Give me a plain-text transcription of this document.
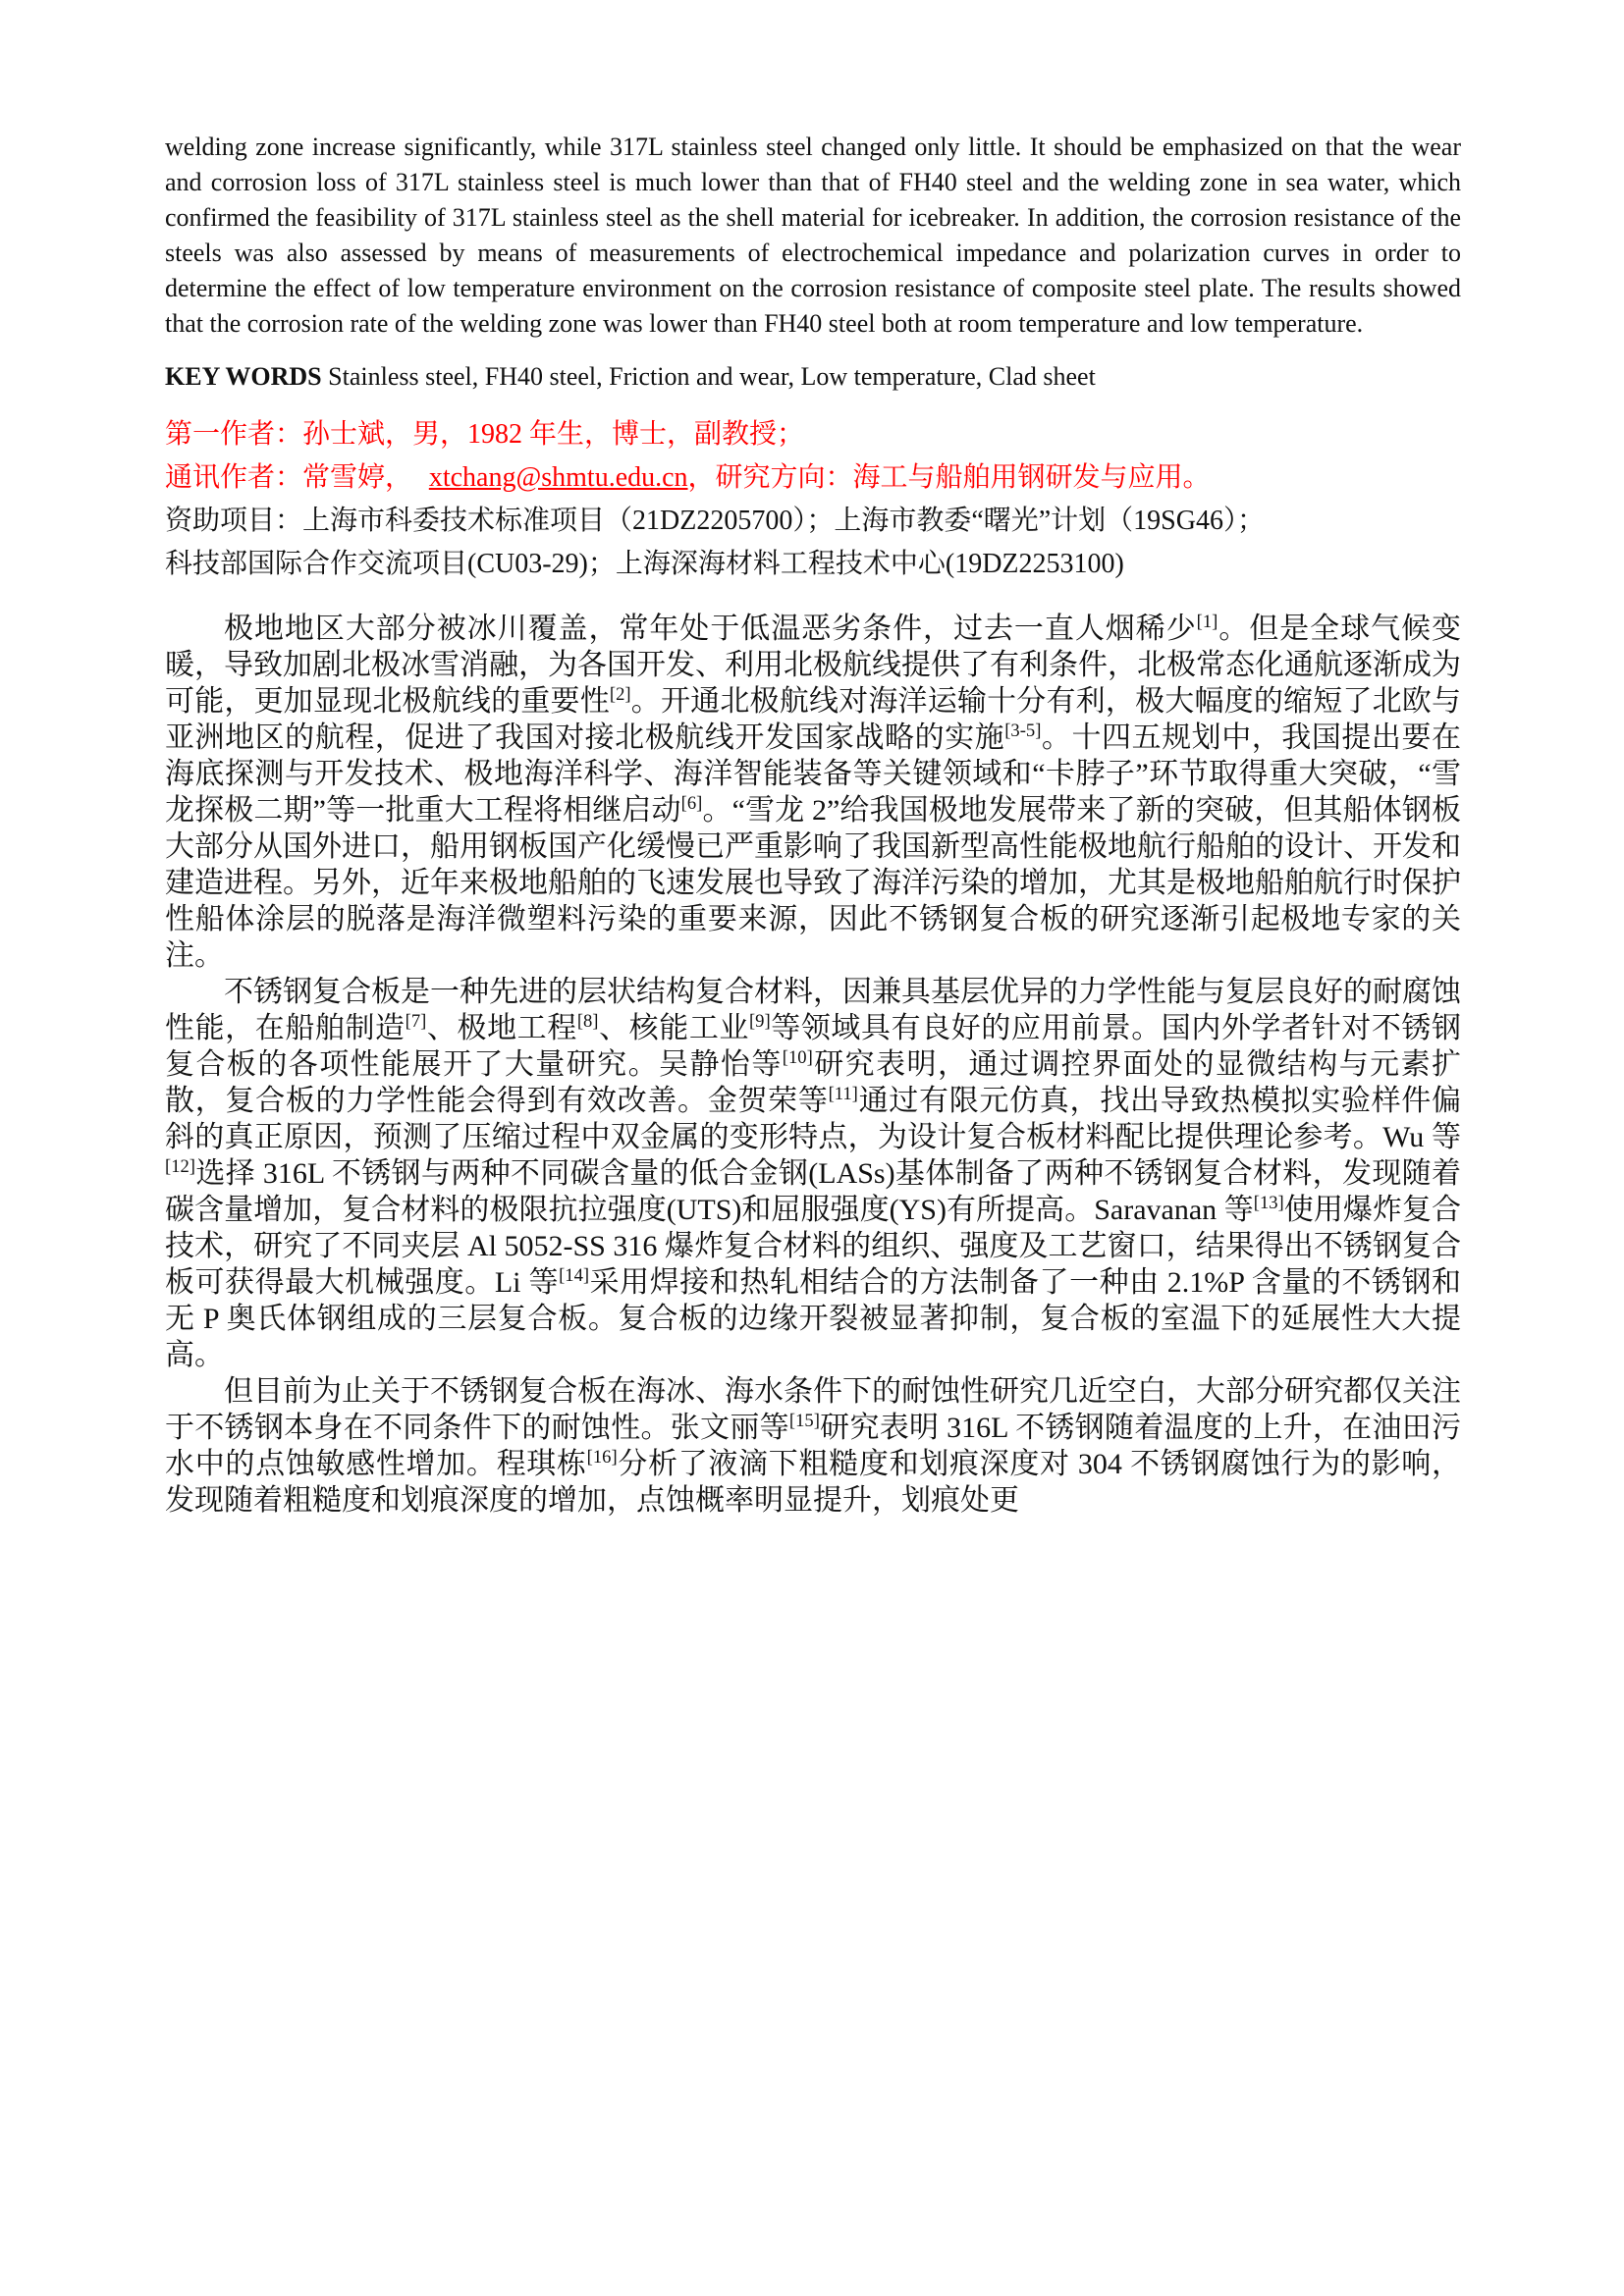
welding zone increase significantly, while 317L stainless steel changed only little. It should be emphasized on that the wear and corrosion loss of 317L stainless steel is much lower than that of FH40 steel and the welding zone in sea water, which confirmed the feasibility of 317L stainless steel as the shell material for icebreaker. In addition, the corrosion resistance of the steels was also assessed by means of measurements of electrochemical impedance and polarization curves in order to determine the effect of low temperature environment on the corrosion resistance of composite steel plate. The results showed that the corrosion rate of the welding zone was lower than FH40 steel both at room temperature and low temperature.

KEY WORDS Stainless steel, FH40 steel, Friction and wear, Low temperature, Clad sheet

第一作者：孙士斌，男，1982 年生，博士，副教授；

通讯作者：常雪婷， xtchang@shmtu.edu.cn，研究方向：海工与船舶用钢研发与应用。

资助项目：上海市科委技术标准项目（21DZ2205700）；上海市教委“曙光”计划（19SG46）；

科技部国际合作交流项目(CU03-29)；上海深海材料工程技术中心(19DZ2253100)

极地地区大部分被冰川覆盖，常年处于低温恶劣条件，过去一直人烟稀少[1]。但是全球气候变暖，导致加剧北极冰雪消融，为各国开发、利用北极航线提供了有利条件，北极常态化通航逐渐成为可能，更加显现北极航线的重要性[2]。开通北极航线对海洋运输十分有利，极大幅度的缩短了北欧与亚洲地区的航程，促进了我国对接北极航线开发国家战略的实施[3-5]。十四五规划中，我国提出要在海底探测与开发技术、极地海洋科学、海洋智能装备等关键领域和“卡脖子”环节取得重大突破，“雪龙探极二期”等一批重大工程将相继启动[6]。“雪龙 2”给我国极地发展带来了新的突破，但其船体钢板大部分从国外进口，船用钢板国产化缓慢已严重影响了我国新型高性能极地航行船舶的设计、开发和建造进程。另外，近年来极地船舶的飞速发展也导致了海洋污染的增加，尤其是极地船舶航行时保护性船体涂层的脱落是海洋微塑料污染的重要来源，因此不锈钢复合板的研究逐渐引起极地专家的关注。

不锈钢复合板是一种先进的层状结构复合材料，因兼具基层优异的力学性能与复层良好的耐腐蚀性能，在船舶制造[7]、极地工程[8]、核能工业[9]等领域具有良好的应用前景。国内外学者针对不锈钢复合板的各项性能展开了大量研究。吴静怡等[10]研究表明，通过调控界面处的显微结构与元素扩散，复合板的力学性能会得到有效改善。金贺荣等[11]通过有限元仿真，找出导致热模拟实验样件偏斜的真正原因，预测了压缩过程中双金属的变形特点，为设计复合板材料配比提供理论参考。Wu 等[12]选择 316L 不锈钢与两种不同碳含量的低合金钢(LASs)基体制备了两种不锈钢复合材料，发现随着碳含量增加，复合材料的极限抗拉强度(UTS)和屈服强度(YS)有所提高。Saravanan 等[13]使用爆炸复合技术，研究了不同夹层 Al 5052-SS 316 爆炸复合材料的组织、强度及工艺窗口，结果得出不锈钢复合板可获得最大机械强度。Li 等[14]采用焊接和热轧相结合的方法制备了一种由 2.1%P 含量的不锈钢和无 P 奥氏体钢组成的三层复合板。复合板的边缘开裂被显著抑制，复合板的室温下的延展性大大提高。

但目前为止关于不锈钢复合板在海冰、海水条件下的耐蚀性研究几近空白，大部分研究都仅关注于不锈钢本身在不同条件下的耐蚀性。张文丽等[15]研究表明 316L 不锈钢随着温度的上升，在油田污水中的点蚀敏感性增加。程琪栋[16]分析了液滴下粗糙度和划痕深度对 304 不锈钢腐蚀行为的影响，发现随着粗糙度和划痕深度的增加，点蚀概率明显提升，划痕处更
